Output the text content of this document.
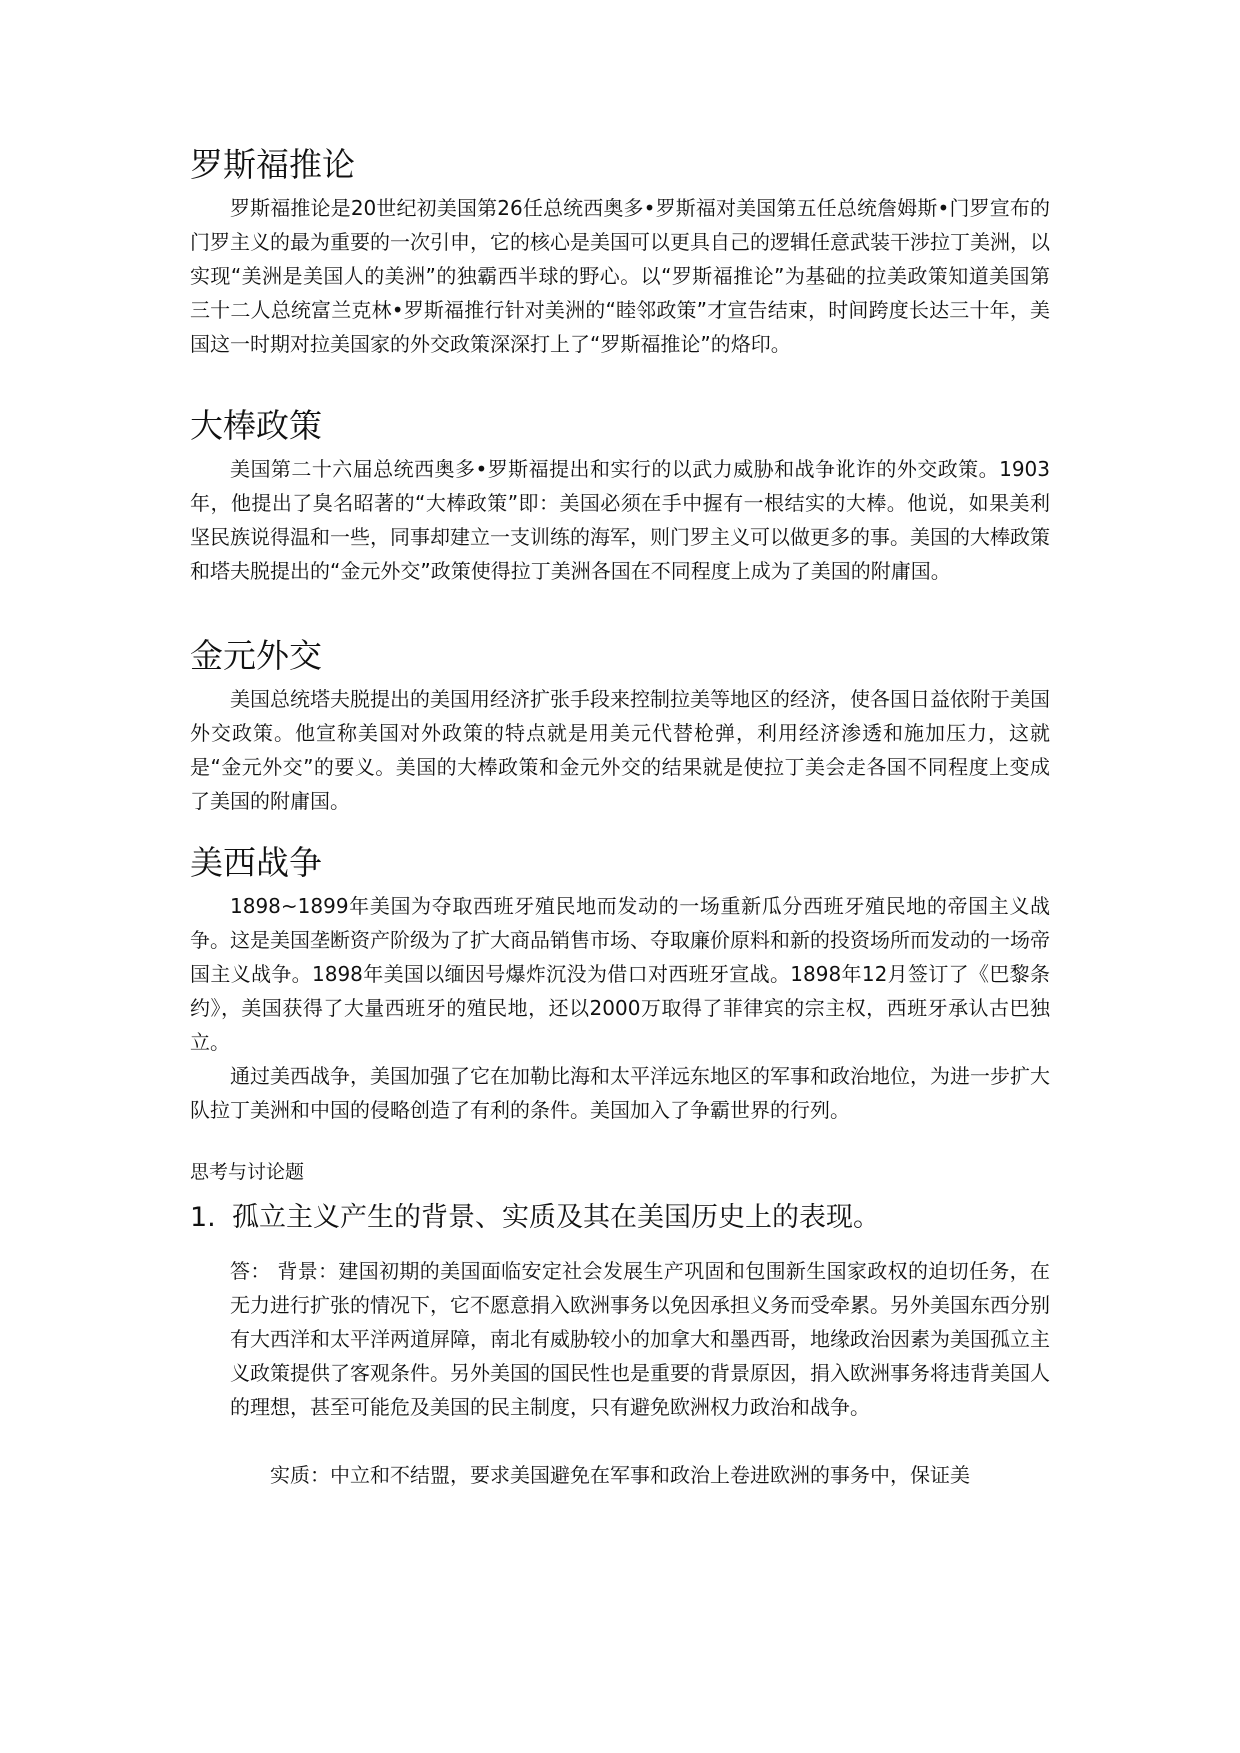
罗斯福推论

罗斯福推论是20世纪初美国第26任总统西奥多•罗斯福对美国第五任总统詹姆斯•门罗宣布的门罗主义的最为重要的一次引申，它的核心是美国可以更具自己的逻辑任意武装干涉拉丁美洲，以实现“美洲是美国人的美洲”的独霸西半球的野心。以“罗斯福推论”为基础的拉美政策知道美国第三十二人总统富兰克林•罗斯福推行针对美洲的“睦邻政策”才宣告结束，时间跨度长达三十年，美国这一时期对拉美国家的外交政策深深打上了“罗斯福推论”的烙印。

大棒政策

美国第二十六届总统西奥多•罗斯福提出和实行的以武力威胁和战争讹诈的外交政策。1903年，他提出了臭名昭著的“大棒政策”即：美国必须在手中握有一根结实的大棒。他说，如果美利坚民族说得温和一些，同事却建立一支训练的海军，则门罗主义可以做更多的事。美国的大棒政策和塔夫脱提出的“金元外交”政策使得拉丁美洲各国在不同程度上成为了美国的附庸国。

金元外交

美国总统塔夫脱提出的美国用经济扩张手段来控制拉美等地区的经济，使各国日益依附于美国外交政策。他宣称美国对外政策的特点就是用美元代替枪弹，利用经济渗透和施加压力，这就是“金元外交”的要义。美国的大棒政策和金元外交的结果就是使拉丁美会走各国不同程度上变成了美国的附庸国。

美西战争

1898~1899年美国为夺取西班牙殖民地而发动的一场重新瓜分西班牙殖民地的帝国主义战争。这是美国垄断资产阶级为了扩大商品销售市场、夺取廉价原料和新的投资场所而发动的一场帝国主义战争。1898年美国以缅因号爆炸沉没为借口对西班牙宣战。1898年12月签订了《巴黎条约》，美国获得了大量西班牙的殖民地，还以2000万取得了菲律宾的宗主权，西班牙承认古巴独立。

通过美西战争，美国加强了它在加勒比海和太平洋远东地区的军事和政治地位，为进一步扩大队拉丁美洲和中国的侵略创造了有利的条件。美国加入了争霸世界的行列。

思考与讨论题

1. 孤立主义产生的背景、实质及其在美国历史上的表现。

答： 背景：建国初期的美国面临安定社会发展生产巩固和包围新生国家政权的迫切任务，在无力进行扩张的情况下，它不愿意捐入欧洲事务以免因承担义务而受牵累。另外美国东西分别有大西洋和太平洋两道屏障，南北有威胁较小的加拿大和墨西哥，地缘政治因素为美国孤立主义政策提供了客观条件。另外美国的国民性也是重要的背景原因，捐入欧洲事务将违背美国人的理想，甚至可能危及美国的民主制度，只有避免欧洲权力政治和战争。

实质：中立和不结盟，要求美国避免在军事和政治上卷进欧洲的事务中，保证美
